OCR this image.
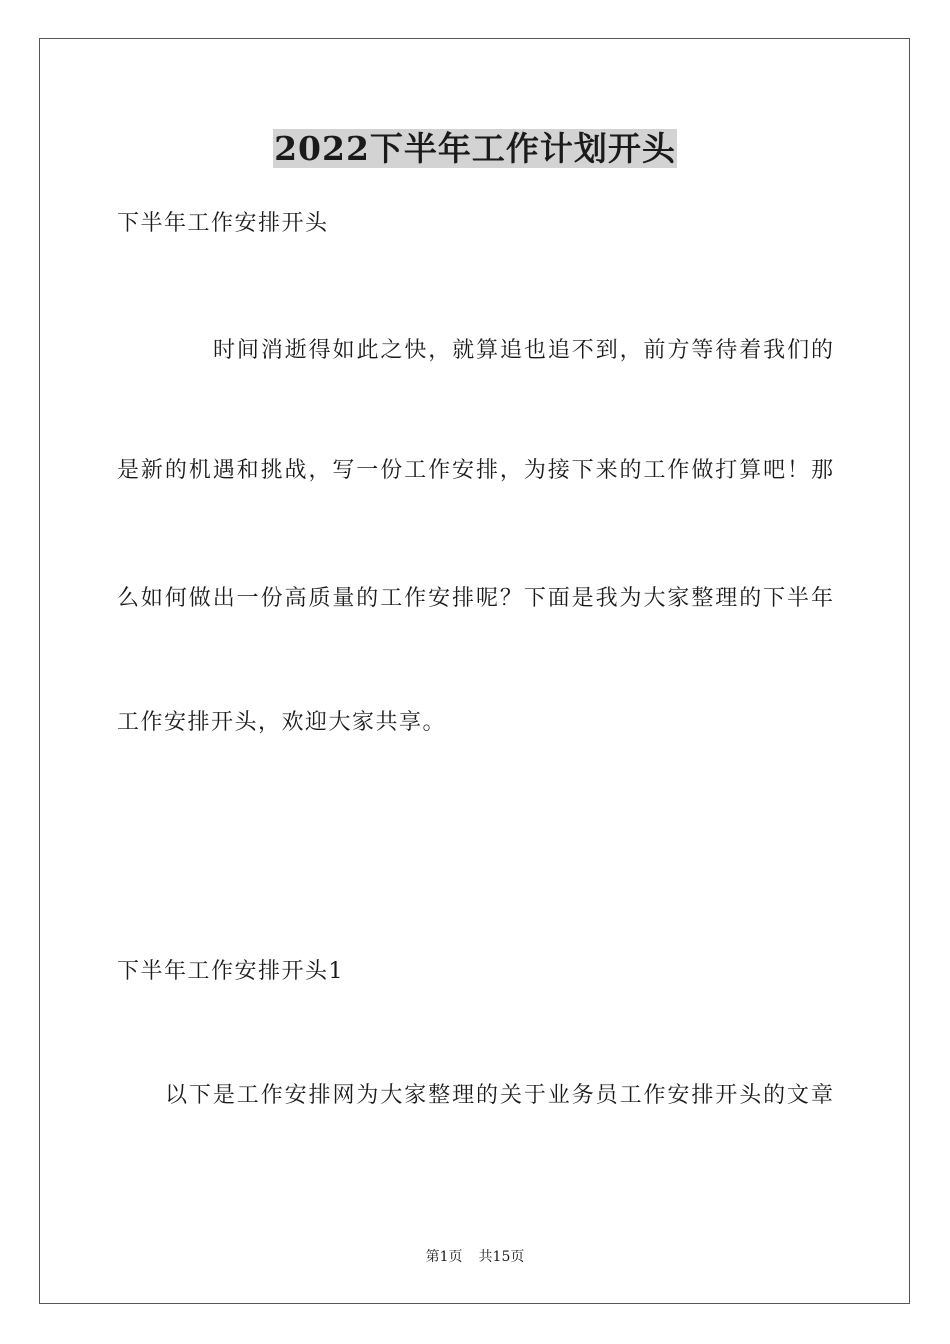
2022下半年工作计划开头
下半年工作安排开头
时间消逝得如此之快，就算追也追不到，前方等待着我们的
是新的机遇和挑战，写一份工作安排，为接下来的工作做打算吧！那
么如何做出一份高质量的工作安排呢？下面是我为大家整理的下半年
工作安排开头，欢迎大家共享。
下半年工作安排开头1
以下是工作安排网为大家整理的关于业务员工作安排开头的文章
第1页 共15页
